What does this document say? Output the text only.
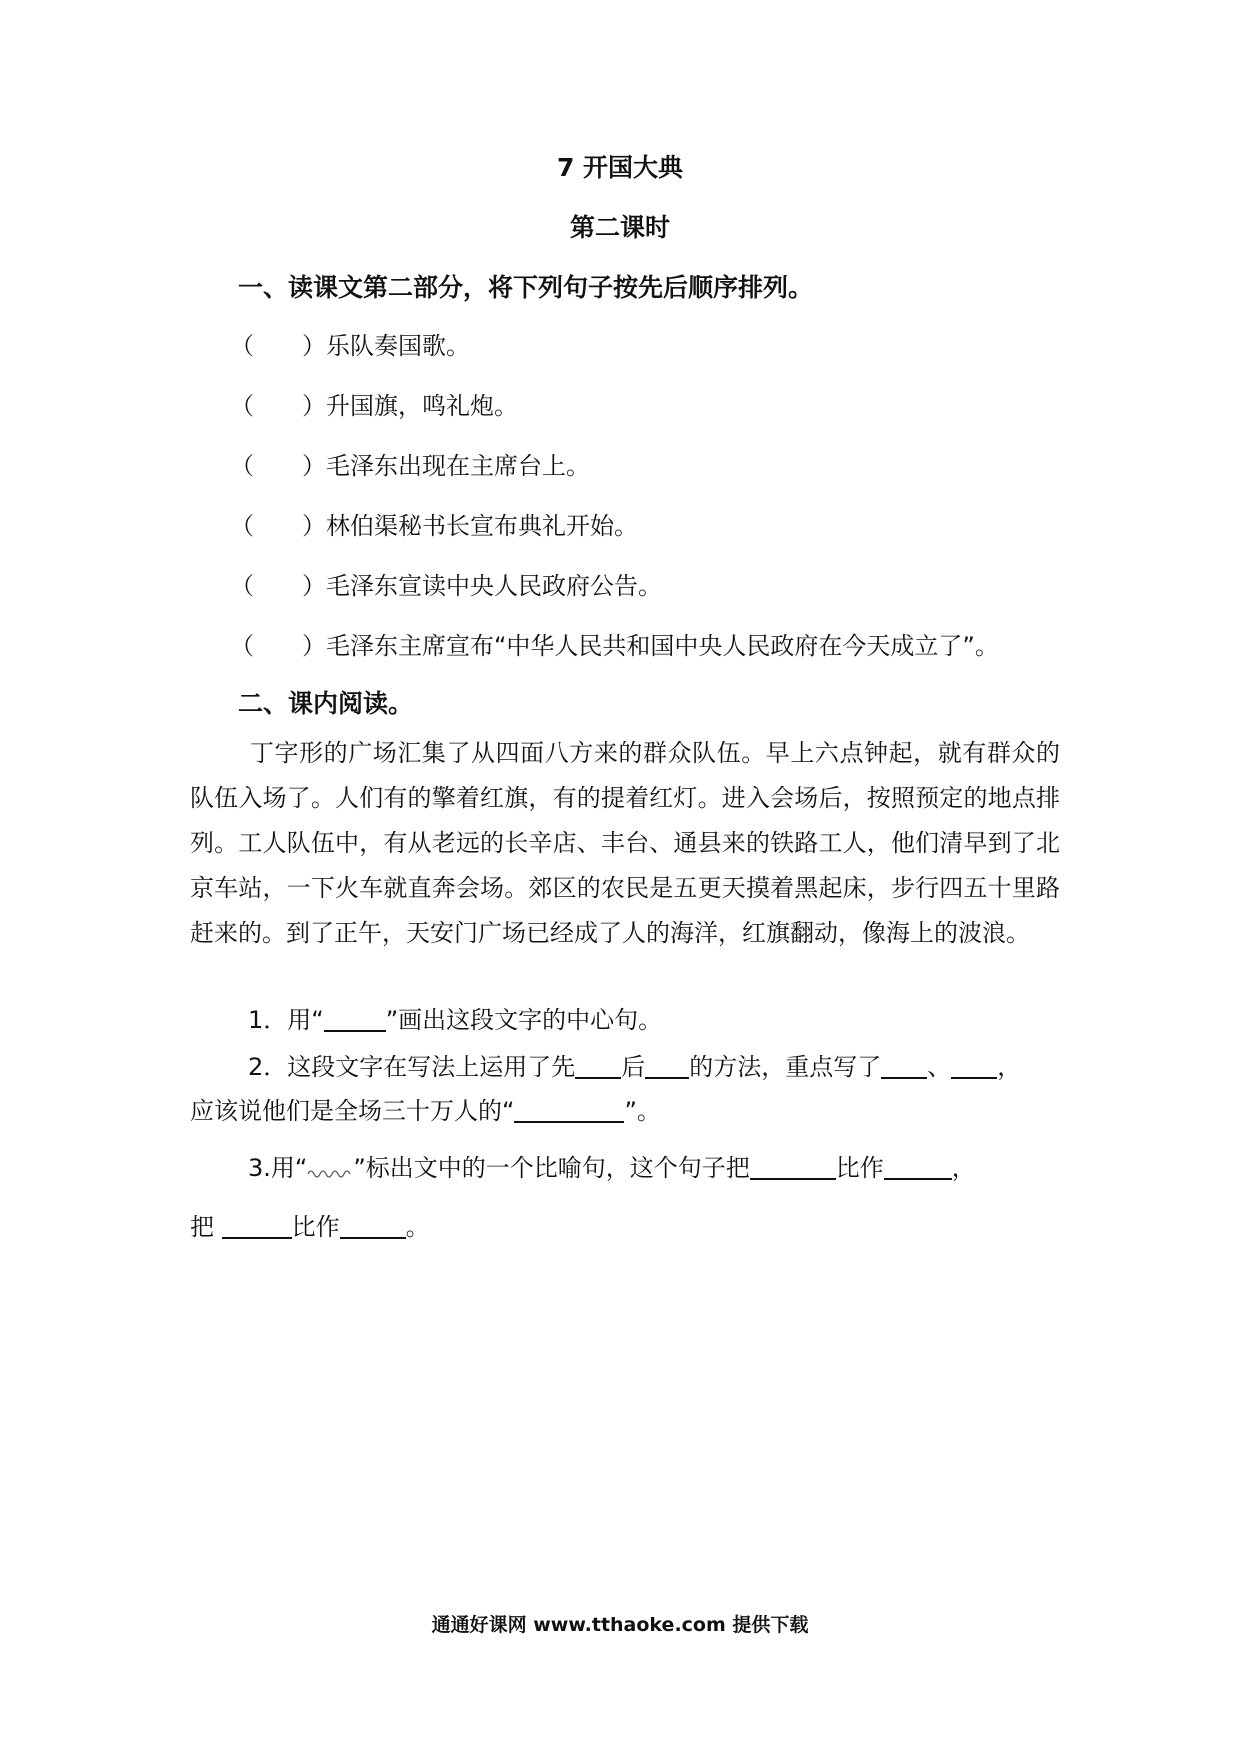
7 开国大典
第二课时
一、读课文第二部分，将下列句子按先后顺序排列。
（　　）乐队奏国歌。
（　　）升国旗，鸣礼炮。
（　　）毛泽东出现在主席台上。
（　　）林伯渠秘书长宣布典礼开始。
（　　）毛泽东宣读中央人民政府公告。
（　　）毛泽东主席宣布“中华人民共和国中央人民政府在今天成立了”。
二、课内阅读。
丁字形的广场汇集了从四面八方来的群众队伍。早上六点钟起，就有群众的队伍入场了。人们有的擎着红旗，有的提着红灯。进入会场后，按照预定的地点排列。工人队伍中，有从老远的长辛店、丰台、通县来的铁路工人，他们清早到了北京车站，一下火车就直奔会场。郊区的农民是五更天摸着黑起床，步行四五十里路赶来的。到了正午，天安门广场已经成了人的海洋，红旗翻动，像海上的波浪。
1．用“	”画出这段文字的中心句。
2．这段文字在写法上运用了先 后 的方法，重点写了 、 ，
应该说他们是全场三十万人的“	”。
3.用“ ”标出文中的一个比喻句，这个句子把	比作	，
把	比作	。
通通好课网 www.tthaoke.com 提供下载
